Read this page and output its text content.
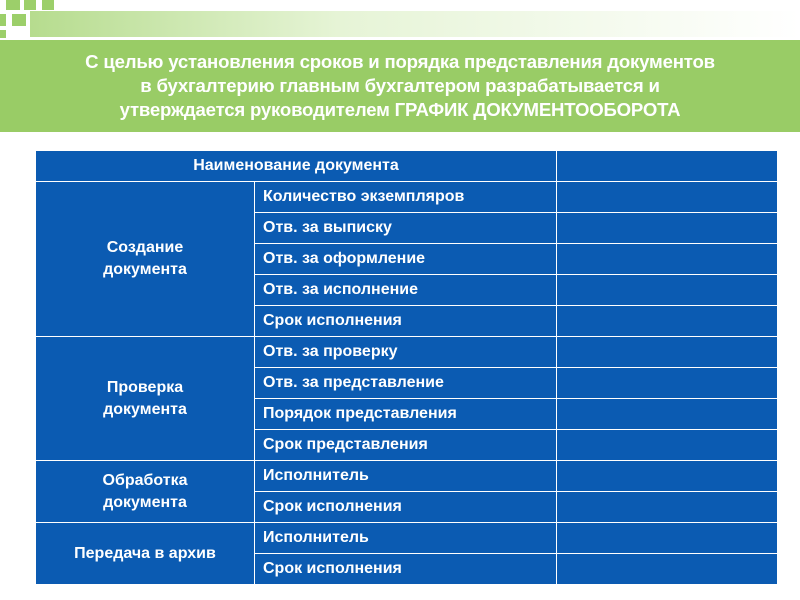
С целью установления сроков и порядка представления документов
в бухгалтерию главным бухгалтером разрабатывается и
утверждается руководителем ГРАФИК ДОКУМЕНТООБОРОТА

Наименование документа		
Создание
документа	Количество экземпляров	
	Отв. за выписку	
	Отв. за оформление	
	Отв. за исполнение	
	Срок исполнения	
Проверка
документа	Отв. за проверку	
	Отв. за представление	
	Порядок представления	
	Срок представления	
Обработка
документа	Исполнитель	
	Срок исполнения	
Передача в архив	Исполнитель	
	Срок исполнения	
